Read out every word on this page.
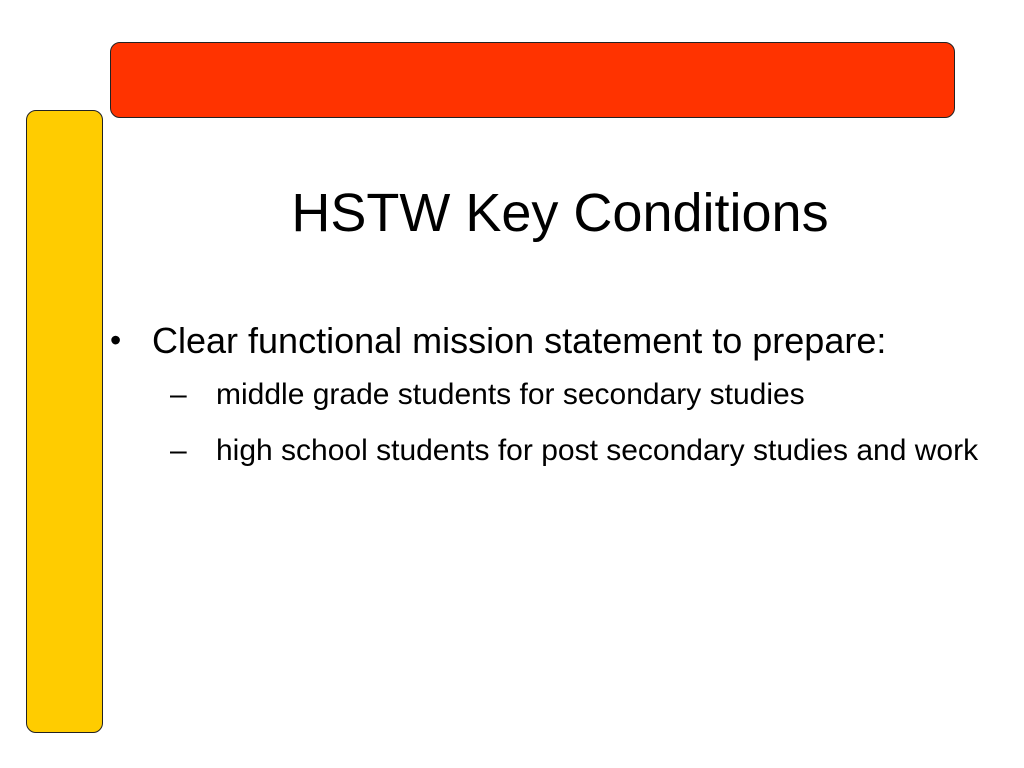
HSTW Key Conditions
• Clear functional mission statement to prepare:
– middle grade students for secondary studies
– high school students for post secondary studies and work
